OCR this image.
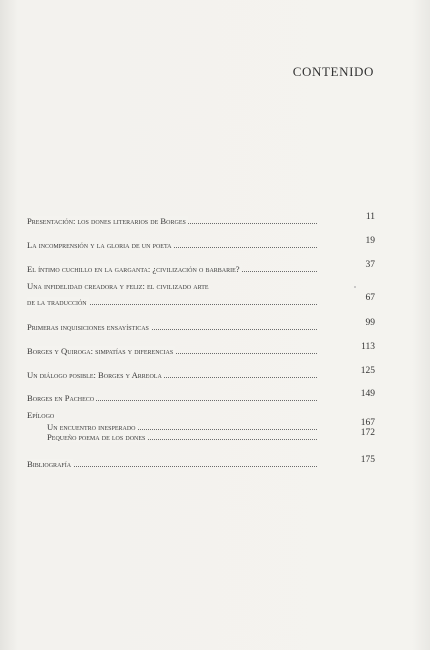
CONTENIDO
Presentación: los dones literarios de Borges	11
La incomprensión y la gloria de un poeta	19
El íntimo cuchillo en la garganta: ¿civilización o barbarie?	37
Una infidelidad creadora y feliz: el civilizado arte
de la traducción	67
Primeras inquisiciones ensayísticas	99
Borges y Quiroga: simpatías y diferencias	113
Un diálogo posible: Borges y Arreola	125
Borges en Pacheco	149
Epílogo
Un encuentro inesperado	167
Pequeño poema de los dones	172
Bibliografía	175
